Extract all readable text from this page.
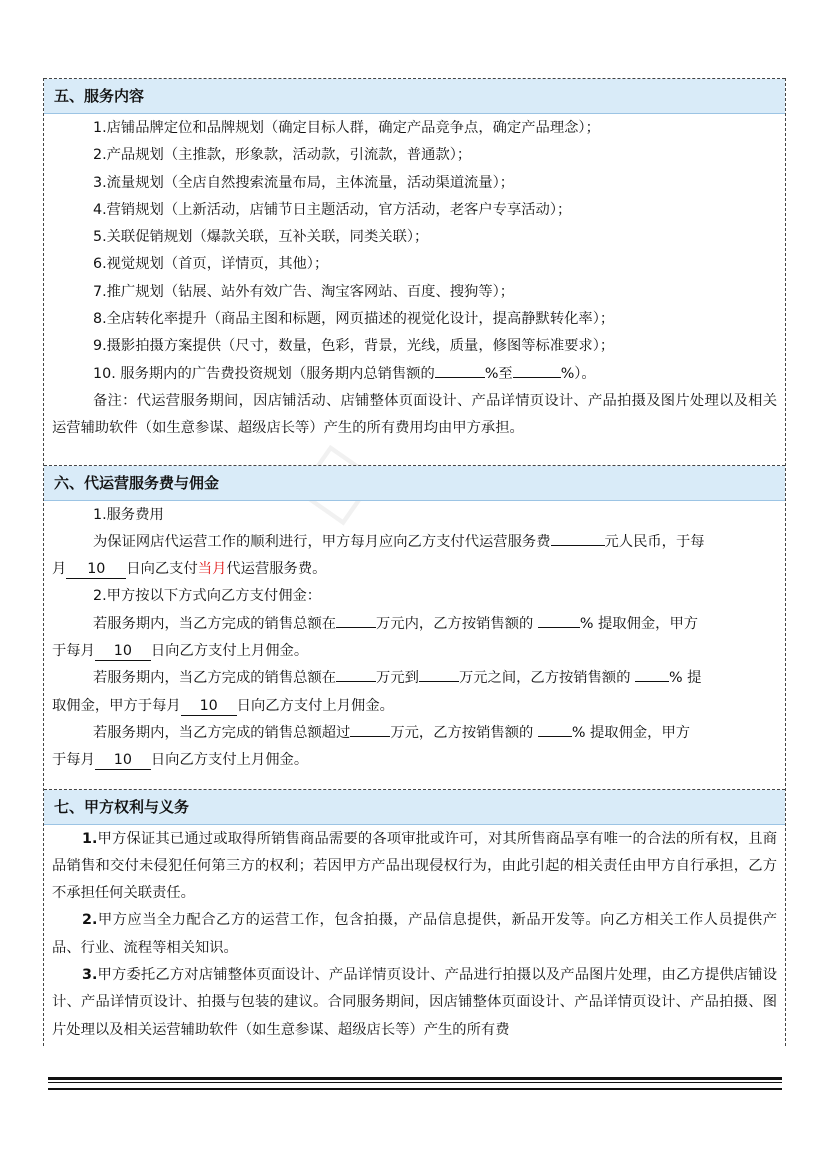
五、服务内容
1.店铺品牌定位和品牌规划（确定目标人群，确定产品竞争点，确定产品理念）；
2.产品规划（主推款，形象款，活动款，引流款，普通款）；
3.流量规划（全店自然搜索流量布局，主体流量，活动渠道流量）；
4.营销规划（上新活动，店铺节日主题活动，官方活动，老客户专享活动）；
5.关联促销规划（爆款关联，互补关联，同类关联）；
6.视觉规划（首页，详情页，其他）；
7.推广规划（钻展、站外有效广告、淘宝客网站、百度、搜狗等）；
8.全店转化率提升（商品主图和标题，网页描述的视觉化设计，提高静默转化率）；
9.摄影拍摄方案提供（尺寸，数量，色彩，背景，光线，质量，修图等标准要求）；
10. 服务期内的广告费投资规划（服务期内总销售额的	%至	%）。
备注：代运营服务期间，因店铺活动、店铺整体页面设计、产品详情页设计、产品拍摄及图片处理以及相关运营辅助软件（如生意参谋、超级店长等）产生的所有费用均由甲方承担。
六、代运营服务费与佣金
1.服务费用
为保证网店代运营工作的顺利进行，甲方每月应向乙方支付代运营服务费	元人民币，于每
月 10 日向乙支付当月代运营服务费。
2.甲方按以下方式向乙方支付佣金：
若服务期内，当乙方完成的销售总额在	万元内，乙方按销售额的	% 提取佣金，甲方
于每月 10 日向乙方支付上月佣金。
若服务期内，当乙方完成的销售总额在	万元到	万元之间，乙方按销售额的	% 提
取佣金，甲方于每月 10 日向乙方支付上月佣金。
若服务期内，当乙方完成的销售总额超过	万元，乙方按销售额的	% 提取佣金，甲方
于每月 10 日向乙方支付上月佣金。
七、甲方权利与义务
1.甲方保证其已通过或取得所销售商品需要的各项审批或许可，对其所售商品享有唯一的合法的所有权，且商品销售和交付未侵犯任何第三方的权利；若因甲方产品出现侵权行为，由此引起的相关责任由甲方自行承担，乙方不承担任何关联责任。
2.甲方应当全力配合乙方的运营工作，包含拍摄，产品信息提供，新品开发等。向乙方相关工作人员提供产品、行业、流程等相关知识。
3.甲方委托乙方对店铺整体页面设计、产品详情页设计、产品进行拍摄以及产品图片处理，由乙方提供店铺设计、产品详情页设计、拍摄与包装的建议。合同服务期间，因店铺整体页面设计、产品详情页设计、产品拍摄、图片处理以及相关运营辅助软件（如生意参谋、超级店长等）产生的所有费
